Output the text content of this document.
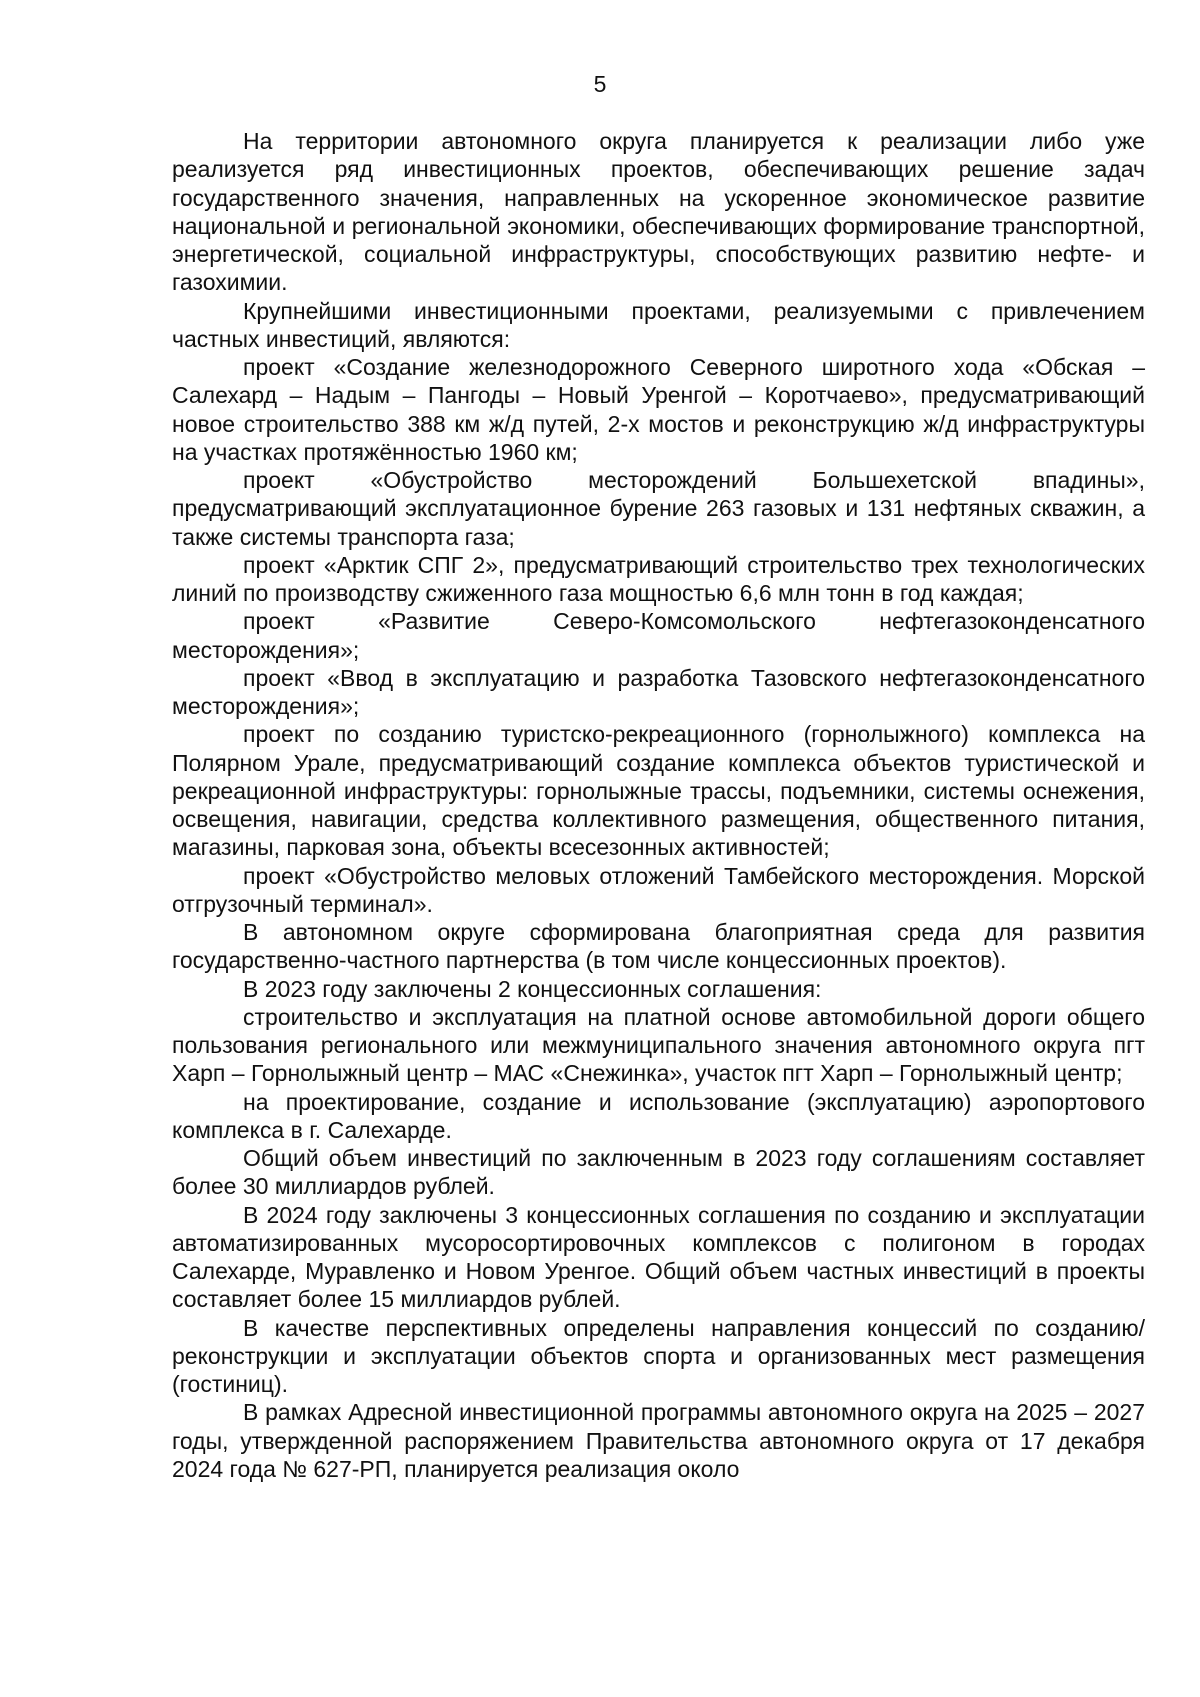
5

На территории автономного округа планируется к реализации либо уже реализуется ряд инвестиционных проектов, обеспечивающих решение задач государственного значения, направленных на ускоренное экономическое развитие национальной и региональной экономики, обеспечивающих формирование транспортной, энергетической, социальной инфраструктуры, способствующих развитию нефте- и газохимии.

Крупнейшими инвестиционными проектами, реализуемыми с привлечением частных инвестиций, являются:

проект «Создание железнодорожного Северного широтного хода «Обская – Салехард – Надым – Пангоды – Новый Уренгой – Коротчаево», предусматривающий новое строительство 388 км ж/д путей, 2-х мостов и реконструкцию ж/д инфраструктуры на участках протяжённостью 1960 км;

проект «Обустройство месторождений Большехетской впадины», предусматривающий эксплуатационное бурение 263 газовых и 131 нефтяных скважин, а также системы транспорта газа;

проект «Арктик СПГ 2», предусматривающий строительство трех технологических линий по производству сжиженного газа мощностью 6,6 млн тонн в год каждая;

проект «Развитие Северо-Комсомольского нефтегазоконденсатного месторождения»;

проект «Ввод в эксплуатацию и разработка Тазовского нефтегазоконденсатного месторождения»;

проект по созданию туристско-рекреационного (горнолыжного) комплекса на Полярном Урале, предусматривающий создание комплекса объектов туристической и рекреационной инфраструктуры: горнолыжные трассы, подъемники, системы оснежения, освещения, навигации, средства коллективного размещения, общественного питания, магазины, парковая зона, объекты всесезонных активностей;

проект «Обустройство меловых отложений Тамбейского месторождения. Морской отгрузочный терминал».

В автономном округе сформирована благоприятная среда для развития государственно-частного партнерства (в том числе концессионных проектов).

В 2023 году заключены 2 концессионных соглашения:

строительство и эксплуатация на платной основе автомобильной дороги общего пользования регионального или межмуниципального значения автономного округа пгт Харп – Горнолыжный центр – МАС «Снежинка», участок пгт Харп – Горнолыжный центр;

на проектирование, создание и использование (эксплуатацию) аэропортового комплекса в г. Салехарде.

Общий объем инвестиций по заключенным в 2023 году соглашениям составляет более 30 миллиардов рублей.

В 2024 году заключены 3 концессионных соглашения по созданию и эксплуатации автоматизированных мусоросортировочных комплексов с полигоном в городах Салехарде, Муравленко и Новом Уренгое. Общий объем частных инвестиций в проекты составляет более 15 миллиардов рублей.

В качестве перспективных определены направления концессий по созданию/реконструкции и эксплуатации объектов спорта и организованных мест размещения (гостиниц).

В рамках Адресной инвестиционной программы автономного округа на 2025 – 2027 годы, утвержденной распоряжением Правительства автономного округа от 17 декабря 2024 года № 627-РП, планируется реализация около
